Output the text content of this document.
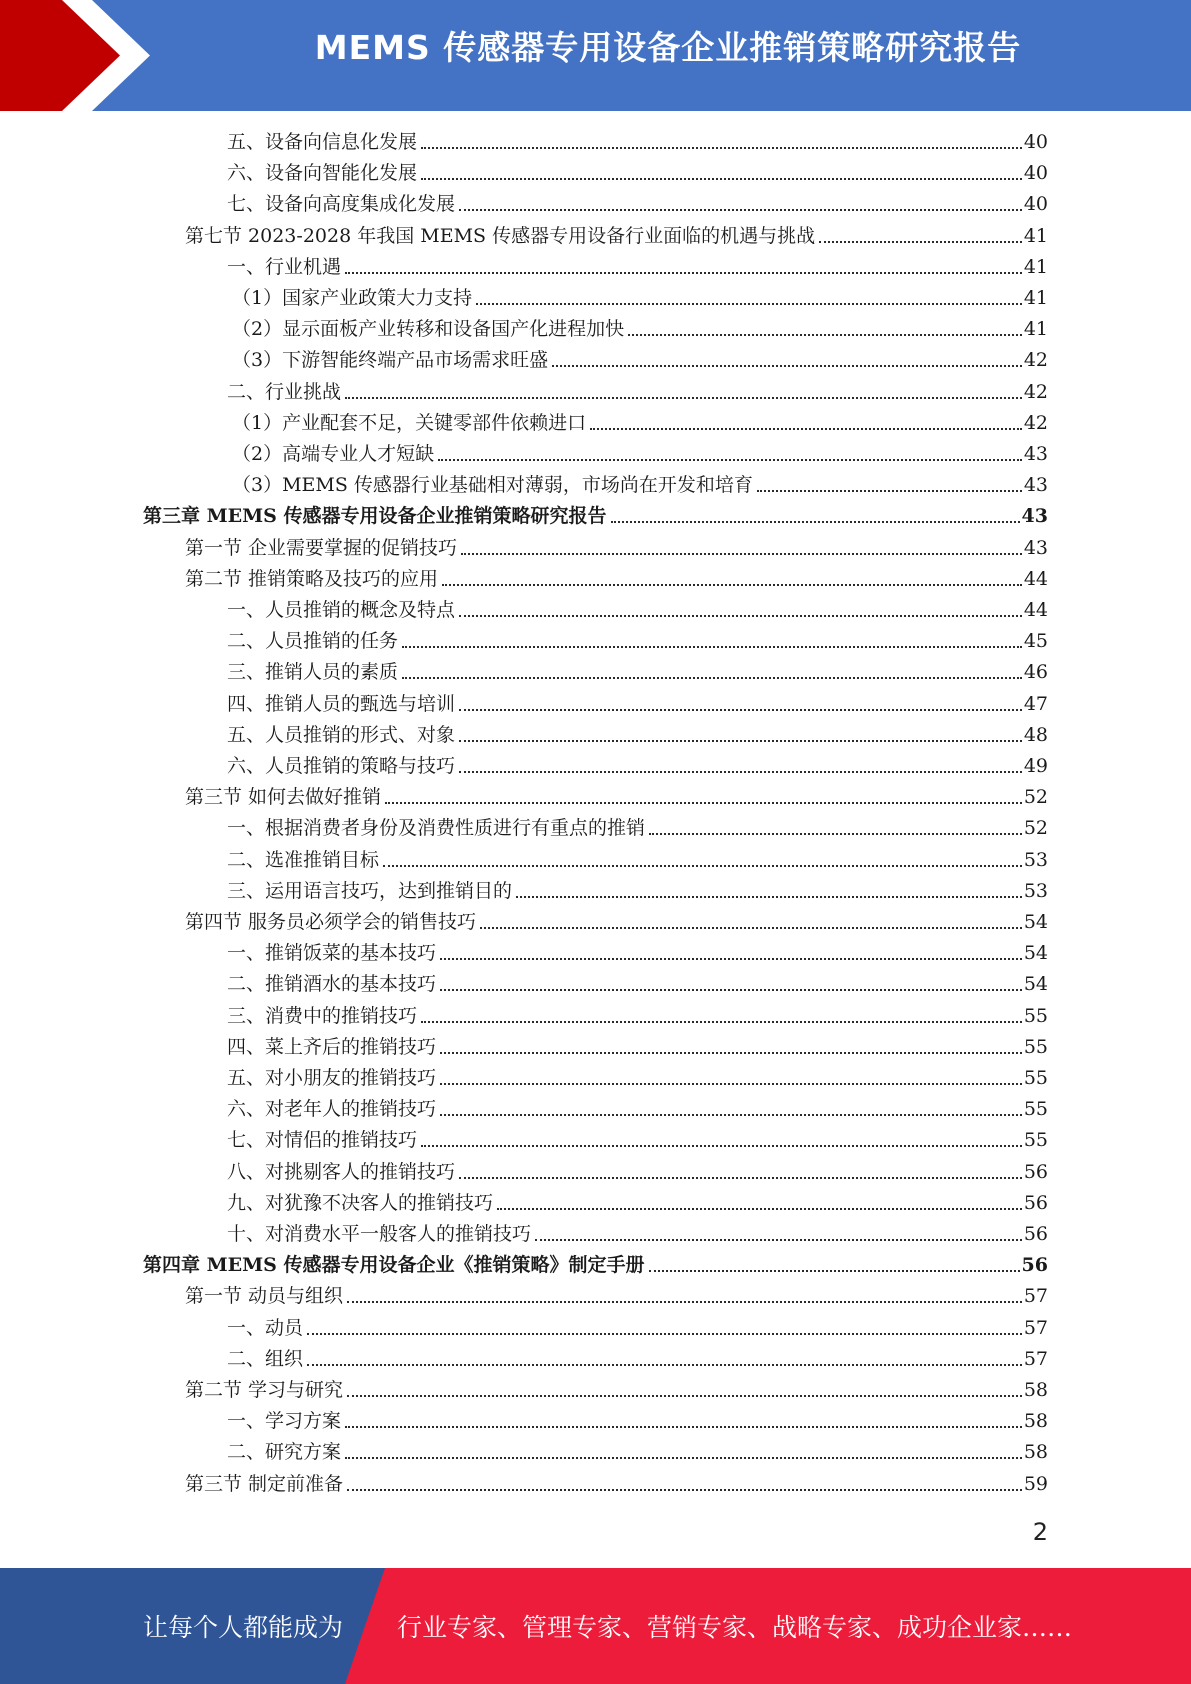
MEMS 传感器专用设备企业推销策略研究报告
五、设备向信息化发展	40
六、设备向智能化发展	40
七、设备向高度集成化发展	40
第七节 2023-2028 年我国 MEMS 传感器专用设备行业面临的机遇与挑战	41
一、行业机遇	41
（1）国家产业政策大力支持	41
（2）显示面板产业转移和设备国产化进程加快	41
（3）下游智能终端产品市场需求旺盛	42
二、行业挑战	42
（1）产业配套不足，关键零部件依赖进口	42
（2）高端专业人才短缺	43
（3）MEMS 传感器行业基础相对薄弱，市场尚在开发和培育	43
第三章 MEMS 传感器专用设备企业推销策略研究报告	43
第一节 企业需要掌握的促销技巧	43
第二节 推销策略及技巧的应用	44
一、人员推销的概念及特点	44
二、人员推销的任务	45
三、推销人员的素质	46
四、推销人员的甄选与培训	47
五、人员推销的形式、对象	48
六、人员推销的策略与技巧	49
第三节 如何去做好推销	52
一、根据消费者身份及消费性质进行有重点的推销	52
二、选准推销目标	53
三、运用语言技巧，达到推销目的	53
第四节 服务员必须学会的销售技巧	54
一、推销饭菜的基本技巧	54
二、推销酒水的基本技巧	54
三、消费中的推销技巧	55
四、菜上齐后的推销技巧	55
五、对小朋友的推销技巧	55
六、对老年人的推销技巧	55
七、对情侣的推销技巧	55
八、对挑剔客人的推销技巧	56
九、对犹豫不决客人的推销技巧	56
十、对消费水平一般客人的推销技巧	56
第四章 MEMS 传感器专用设备企业《推销策略》制定手册	56
第一节 动员与组织	57
一、动员	57
二、组织	57
第二节 学习与研究	58
一、学习方案	58
二、研究方案	58
第三节 制定前准备	59
2
让每个人都能成为 行业专家、管理专家、营销专家、战略专家、成功企业家……
